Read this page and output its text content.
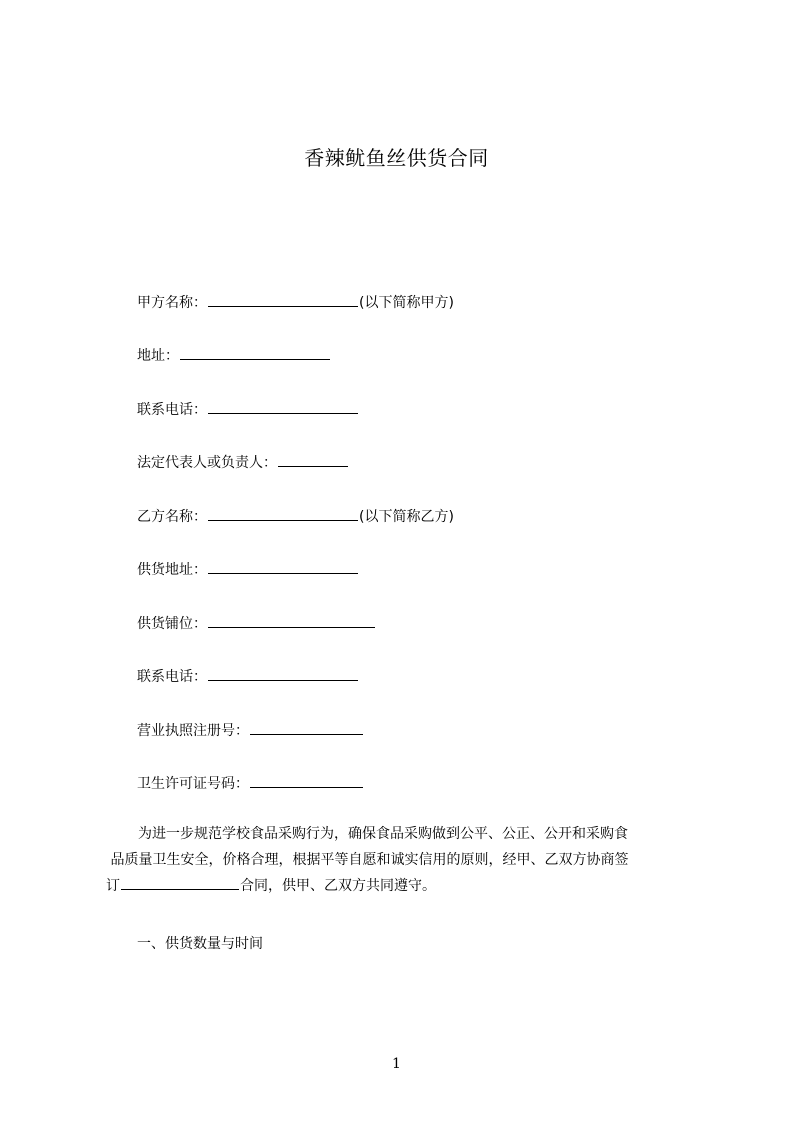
香辣鱿鱼丝供货合同
甲方名称：	(以下简称甲方)
地址：
联系电话：
法定代表人或负责人：
乙方名称：	(以下简称乙方)
供货地址：
供货铺位：
联系电话：
营业执照注册号：
卫生许可证号码：
为进一步规范学校食品采购行为，确保食品采购做到公平、公正、公开和采购食
品质量卫生安全，价格合理，根据平等自愿和诚实信用的原则，经甲、乙双方协商签
订	合同，供甲、乙双方共同遵守。
一、供货数量与时间
1
